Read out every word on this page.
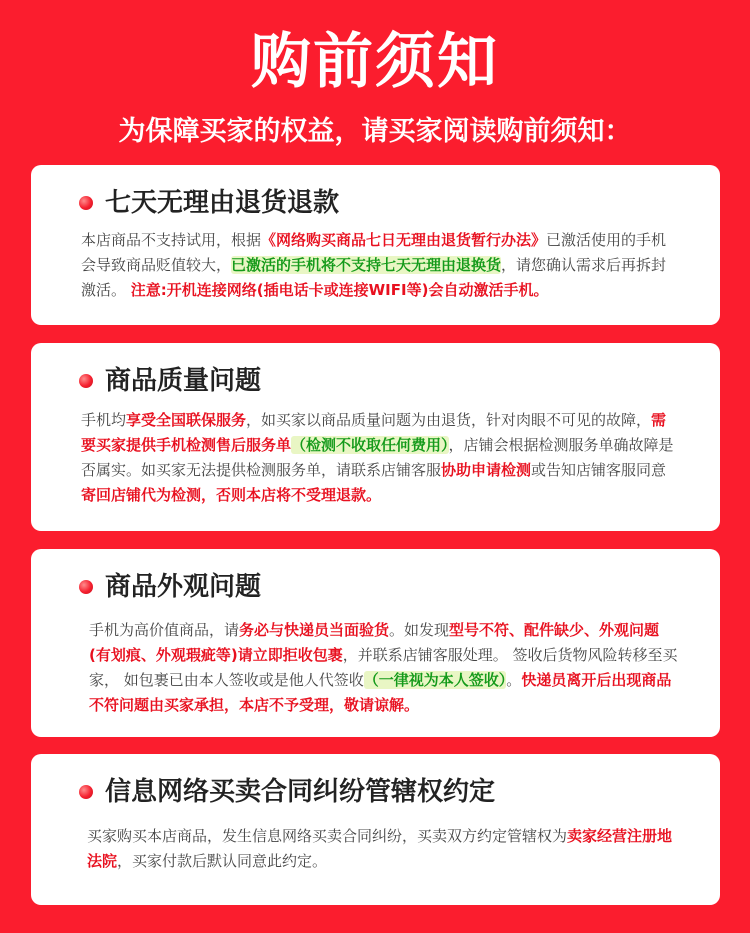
购前须知
为保障买家的权益，请买家阅读购前须知：
七天无理由退货退款
本店商品不支持试用，根据《网络购买商品七日无理由退货暂行办法》已激活使用的手机会导致商品贬值较大，已激活的手机将不支持七天无理由退换货，请您确认需求后再拆封激活。 注意:开机连接网络(插电话卡或连接WIFI等)会自动激活手机。
商品质量问题
手机均享受全国联保服务，如买家以商品质量问题为由退货，针对肉眼不可见的故障，需要买家提供手机检测售后服务单（检测不收取任何费用），店铺会根据检测服务单确故障是否属实。如买家无法提供检测服务单，请联系店铺客服协助申请检测或告知店铺客服同意寄回店铺代为检测，否则本店将不受理退款。
商品外观问题
手机为高价值商品，请务必与快递员当面验货。如发现型号不符、配件缺少、外观问题(有划痕、外观瑕疵等)请立即拒收包裹，并联系店铺客服处理。 签收后货物风险转移至买家， 如包裹已由本人签收或是他人代签收（一律视为本人签收）。快递员离开后出现商品不符问题由买家承担，本店不予受理，敬请谅解。
信息网络买卖合同纠纷管辖权约定
买家购买本店商品，发生信息网络买卖合同纠纷，买卖双方约定管辖权为卖家经营注册地法院，买家付款后默认同意此约定。
